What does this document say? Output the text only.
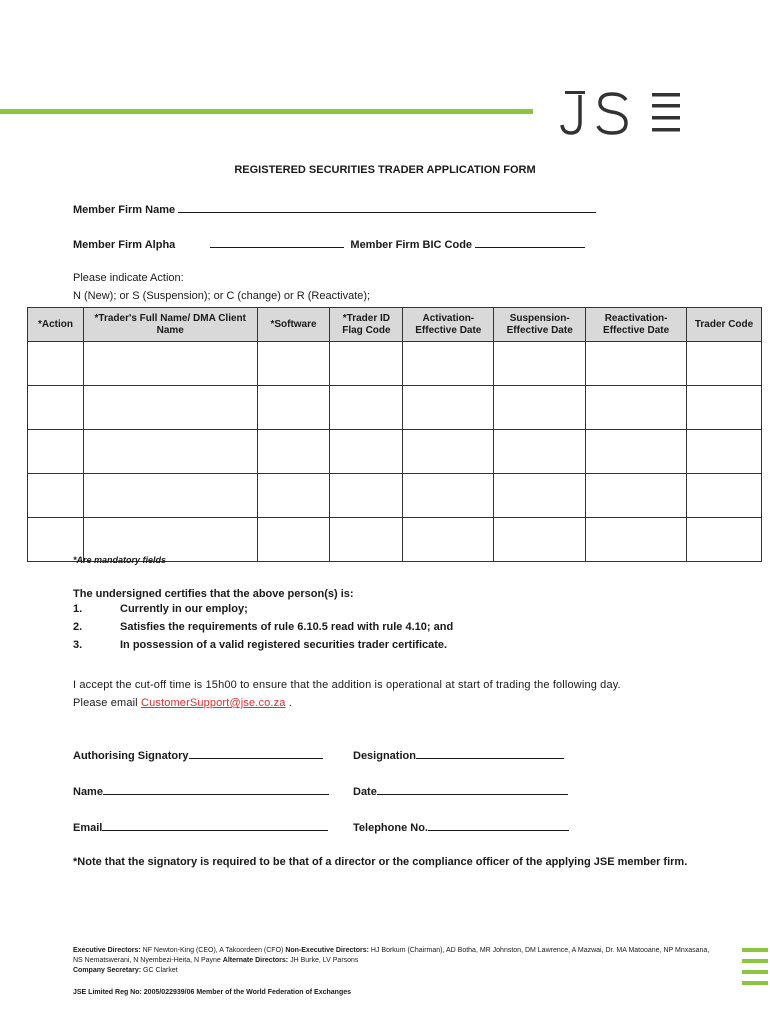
REGISTERED SECURITIES TRADER APPLICATION FORM
Member Firm Name
Member Firm Alpha	Member Firm BIC Code
Please indicate Action:
N (New); or S (Suspension); or C (change) or R (Reactivate);
*Action	*Trader's Full Name/ DMA Client Name	*Software	*Trader ID Flag Code	Activation-Effective Date	Suspension-Effective Date	Reactivation-Effective Date	Trader Code

*Are mandatory fields
The undersigned certifies that the above person(s) is:
1.	Currently in our employ;
2.	Satisfies the requirements of rule 6.10.5 read with rule 4.10; and
3.	In possession of a valid registered securities trader certificate.
I accept the cut-off time is 15h00 to ensure that the addition is operational at start of trading the following day.
Please email CustomerSupport@jse.co.za .
Authorising Signatory	Designation
Name	Date
Email	Telephone No.
*Note that the signatory is required to be that of a director or the compliance officer of the applying JSE member firm.
Executive Directors: NF Newton-King (CEO), A Takoordeen (CFO) Non-Executive Directors: HJ Borkum (Chairman), AD Botha, MR Johnston, DM Lawrence, A Mazwai, Dr. MA Matooane, NP Mnxasana, NS Nematswerani, N Nyembezi-Heita, N Payne Alternate Directors: JH Burke, LV Parsons
Company Secretary: GC Clarket
JSE Limited Reg No: 2005/022939/06 Member of the World Federation of Exchanges
